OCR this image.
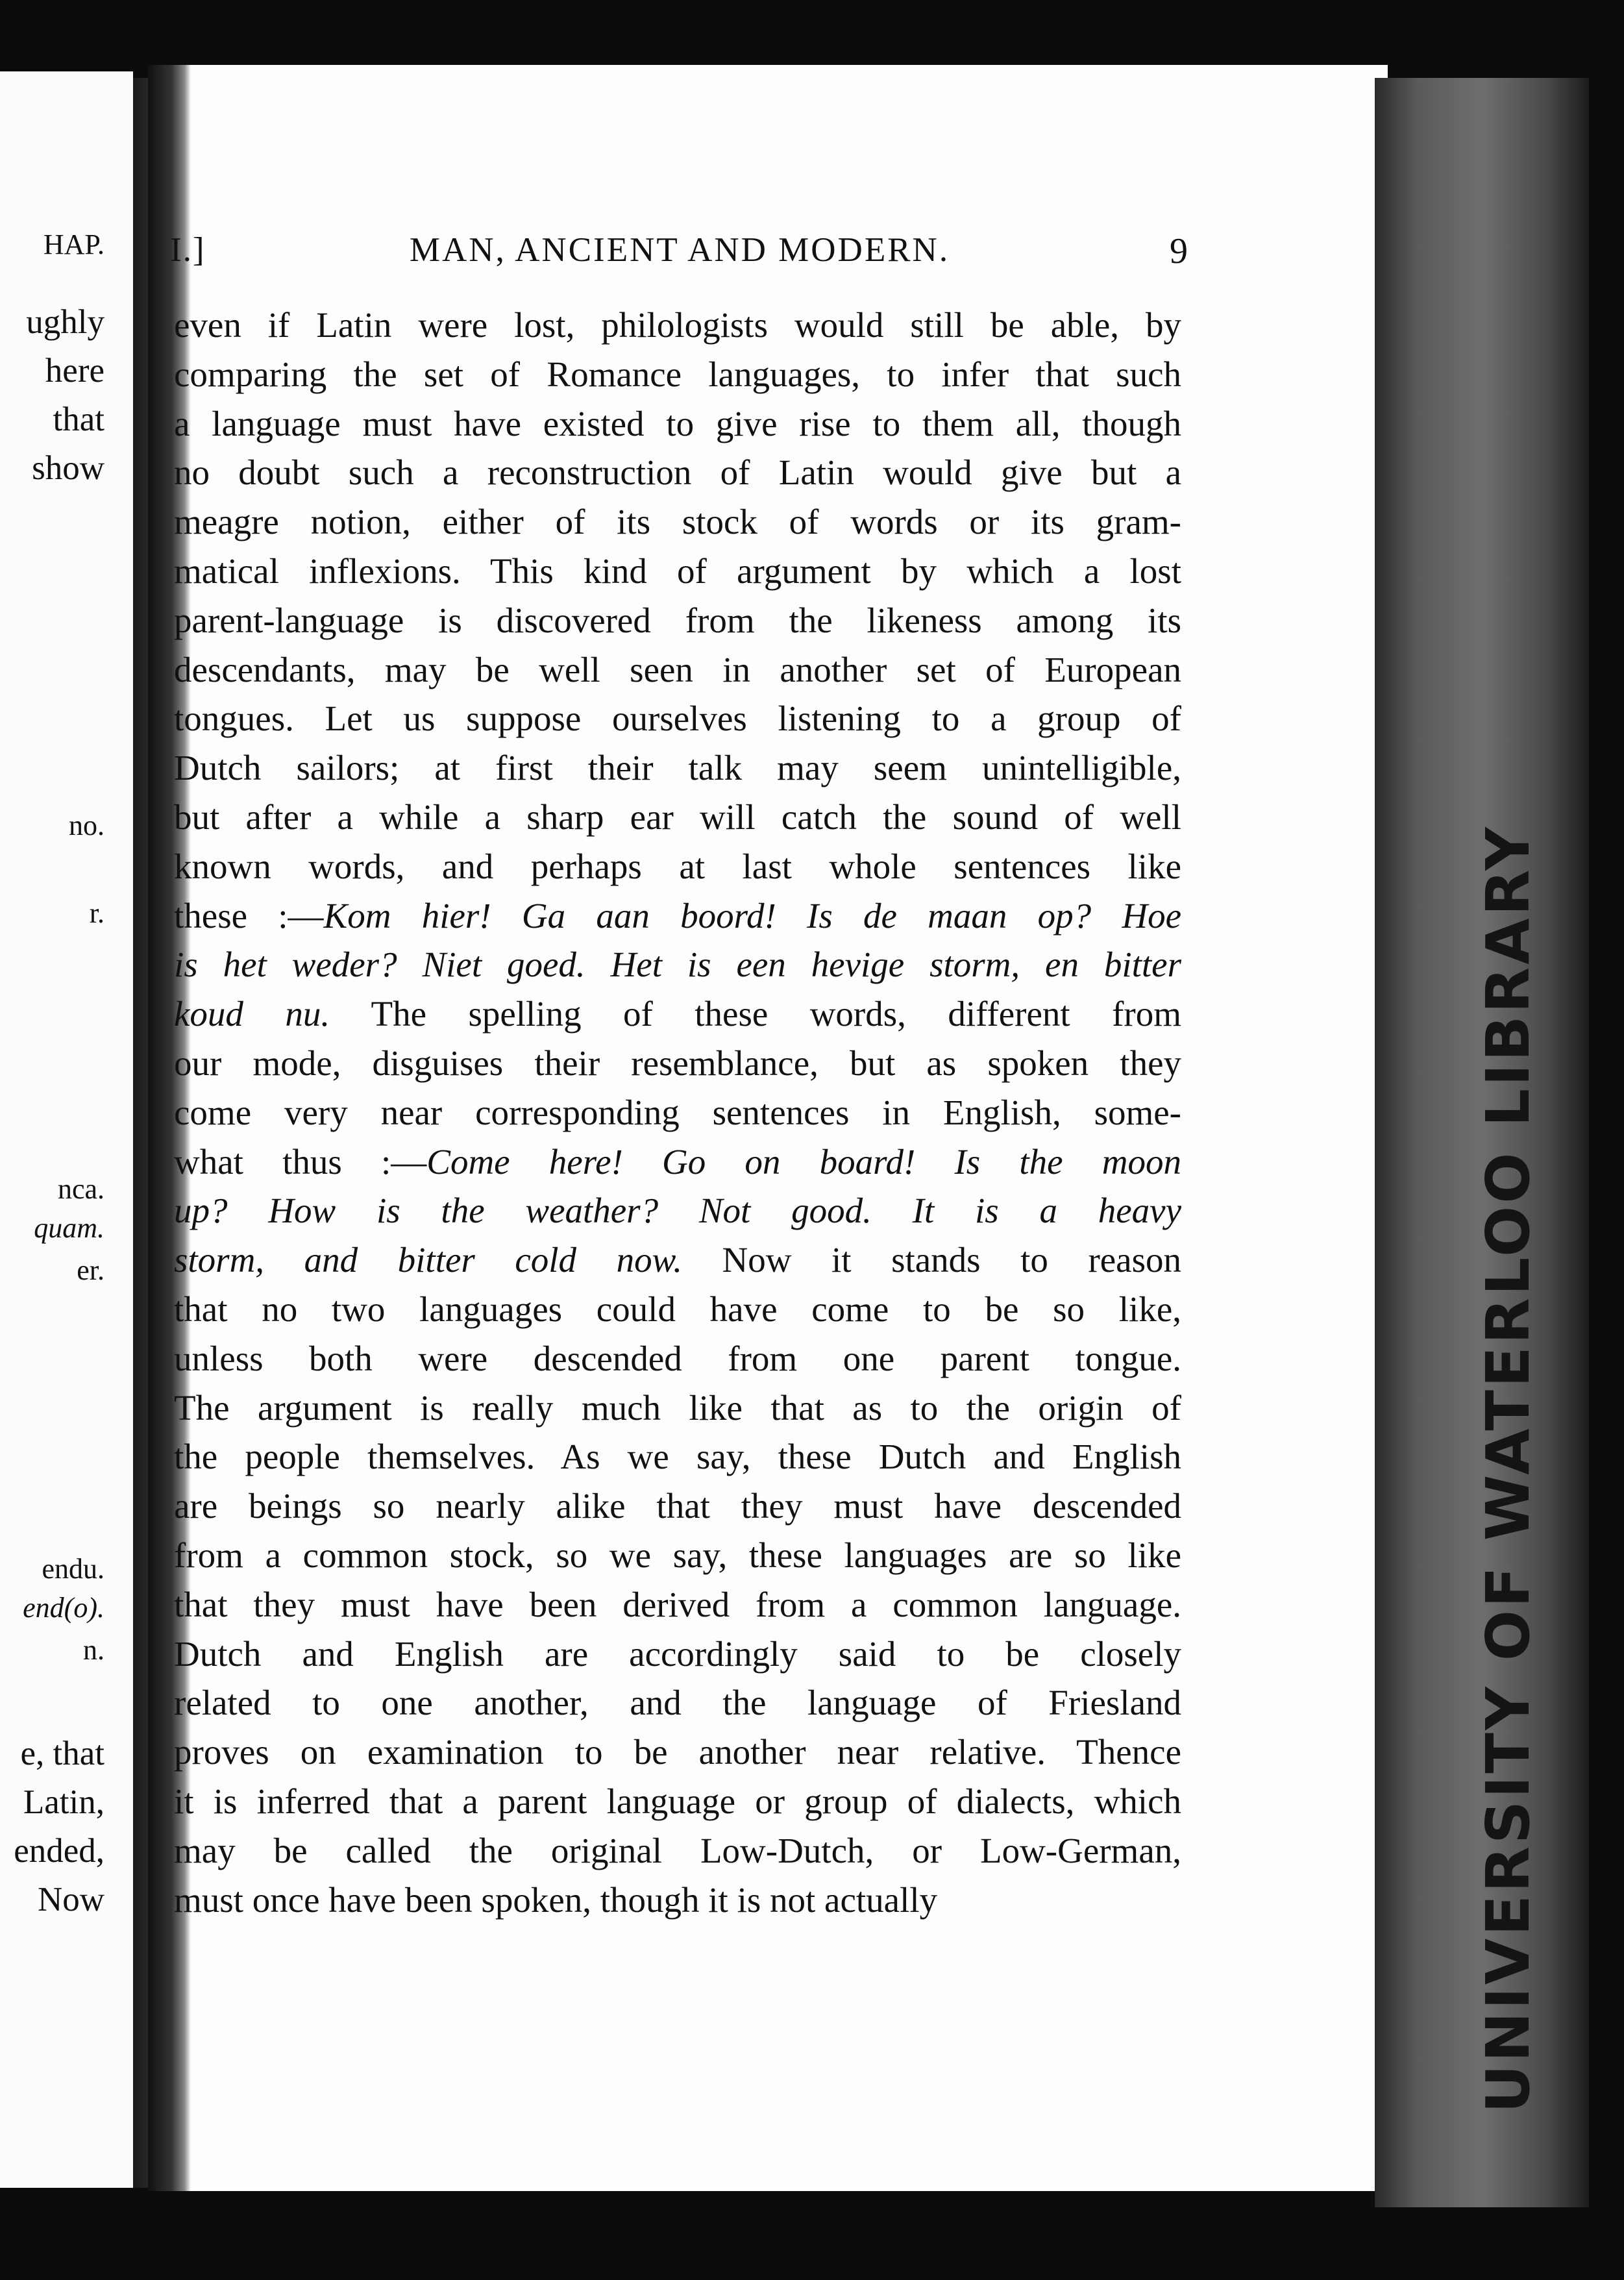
HAP.
ughly
here
that
show
no.
r.
nca.
quam.
er.
endu.
end(o).
n.
e, that
Latin,
ended,
Now
I.]	MAN, ANCIENT AND MODERN.	9
even if Latin were lost, philologists would still be able, by
comparing the set of Romance languages, to infer that such
a language must have existed to give rise to them all, though
no doubt such a reconstruction of Latin would give but a
meagre notion, either of its stock of words or its gram-
matical inflexions. This kind of argument by which a lost
parent-language is discovered from the likeness among its
descendants, may be well seen in another set of European
tongues. Let us suppose ourselves listening to a group of
Dutch sailors; at first their talk may seem unintelligible,
but after a while a sharp ear will catch the sound of well
known words, and perhaps at last whole sentences like
these :—Kom hier! Ga aan boord! Is de maan op? Hoe
is het weder? Niet goed. Het is een hevige storm, en bitter
koud nu. The spelling of these words, different from
our mode, disguises their resemblance, but as spoken they
come very near corresponding sentences in English, some-
what thus :—Come here! Go on board! Is the moon
up? How is the weather? Not good. It is a heavy
storm, and bitter cold now. Now it stands to reason
that no two languages could have come to be so like,
unless both were descended from one parent tongue.
The argument is really much like that as to the origin of
the people themselves. As we say, these Dutch and English
are beings so nearly alike that they must have descended
from a common stock, so we say, these languages are so like
that they must have been derived from a common language.
Dutch and English are accordingly said to be closely
related to one another, and the language of Friesland
proves on examination to be another near relative. Thence
it is inferred that a parent language or group of dialects, which
may be called the original Low-Dutch, or Low-German,
must once have been spoken, though it is not actually	UNIVERSITY OF WATERLOO LIBRARY
